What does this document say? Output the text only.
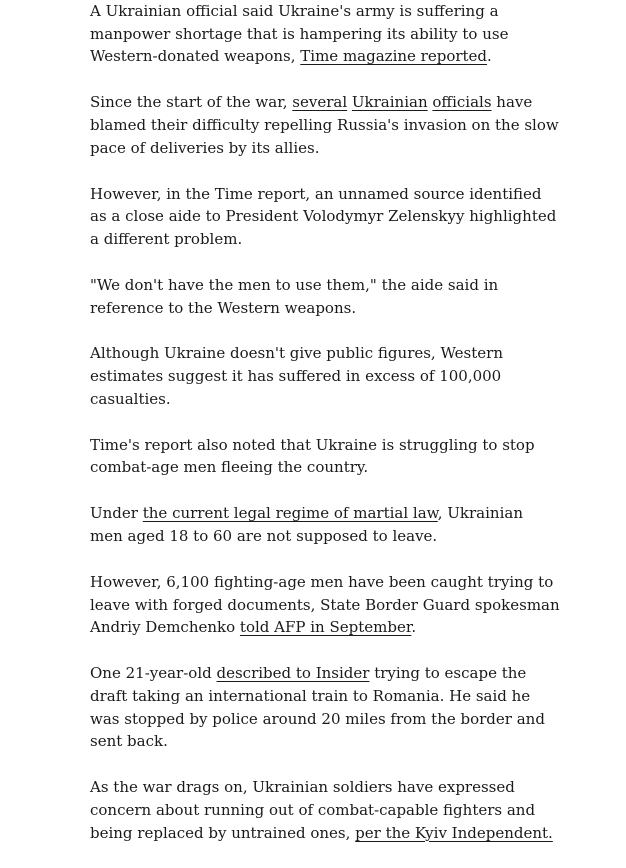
A Ukrainian official said Ukraine's army is suffering a manpower shortage that is hampering its ability to use Western-donated weapons, Time magazine reported.

Since the start of the war, several Ukrainian officials have blamed their difficulty repelling Russia's invasion on the slow pace of deliveries by its allies.

However, in the Time report, an unnamed source identified as a close aide to President Volodymyr Zelenskyy highlighted a different problem.

"We don't have the men to use them," the aide said in reference to the Western weapons.

Although Ukraine doesn't give public figures, Western estimates suggest it has suffered in excess of 100,000 casualties.

Time's report also noted that Ukraine is struggling to stop combat-age men fleeing the country.

Under the current legal regime of martial law, Ukrainian men aged 18 to 60 are not supposed to leave.

However, 6,100 fighting-age men have been caught trying to leave with forged documents, State Border Guard spokesman Andriy Demchenko told AFP in September.

One 21-year-old described to Insider trying to escape the draft taking an international train to Romania. He said he was stopped by police around 20 miles from the border and sent back.

As the war drags on, Ukrainian soldiers have expressed concern about running out of combat-capable fighters and being replaced by untrained ones, per the Kyiv Independent.
